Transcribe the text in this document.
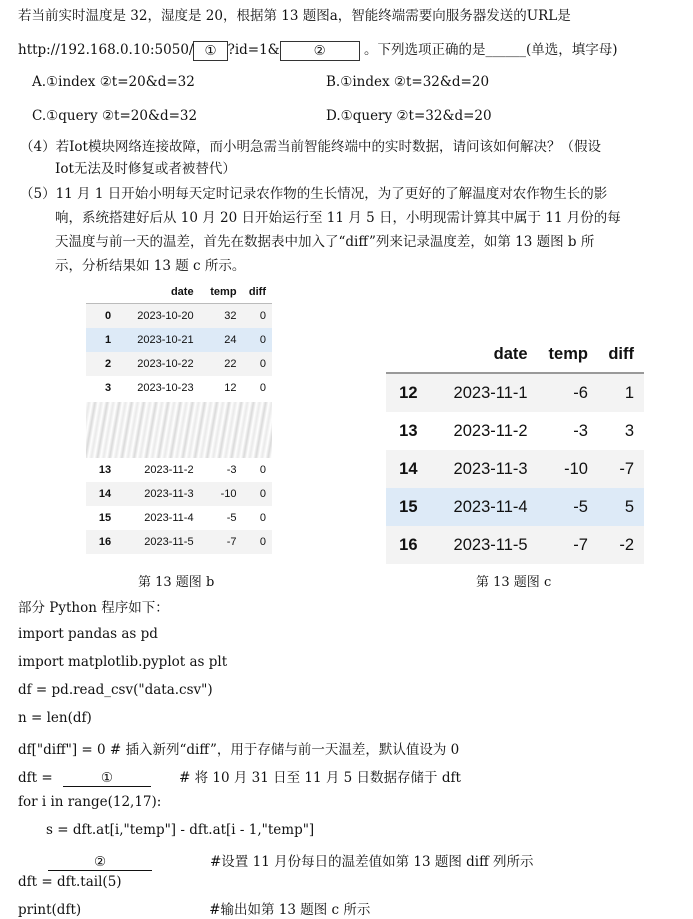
若当前实时温度是 32，湿度是 20，根据第 13 题图a，智能终端需要向服务器发送的URL是
http://192.168.0.10:5050/ ① ?id=1&	②	。下列选项正确的是______(单选，填字母)
A.①index ②t=20&d=32	B.①index ②t=32&d=20
C.①query ②t=20&d=32	D.①query ②t=32&d=20
（4）若Iot模块网络连接故障，而小明急需当前智能终端中的实时数据，请问该如何解决？（假设
Iot无法及时修复或者被替代）
（5）11 月 1 日开始小明每天定时记录农作物的生长情况，为了更好的了解温度对农作物生长的影
响，系统搭建好后从 10 月 20 日开始运行至 11 月 5 日，小明现需计算其中属于 11 月份的每
天温度与前一天的温差，首先在数据表中加入了“diff”列来记录温度差，如第 13 题图 b 所
示，分析结果如 13 题 c 所示。
	date	temp	diff
0	2023-10-20	32	0
1	2023-10-21	24	0
2	2023-10-22	22	0
3	2023-10-23	12	0

13	2023-11-2	-3	0
14	2023-11-3	-10	0
15	2023-11-4	-5	0
16	2023-11-5	-7	0
第 13 题图 b
	date	temp	diff
12	2023-11-1	-6	1
13	2023-11-2	-3	3
14	2023-11-3	-10	-7
15	2023-11-4	-5	5
16	2023-11-5	-7	-2
第 13 题图 c
部分 Python 程序如下：
import pandas as pd
import matplotlib.pyplot as plt
df = pd.read_csv("data.csv")
n = len(df)
df["diff"] = 0 # 插入新列“diff”，用于存储与前一天温差，默认值设为 0
dft =	①	# 将 10 月 31 日至 11 月 5 日数据存储于 dft
for i in range(12,17):
s = dft.at[i,"temp"] - dft.at[i - 1,"temp"]
②	#设置 11 月份每日的温差值如第 13 题图 diff 列所示
dft = dft.tail(5)
print(dft)	#输出如第 13 题图 c 所示
